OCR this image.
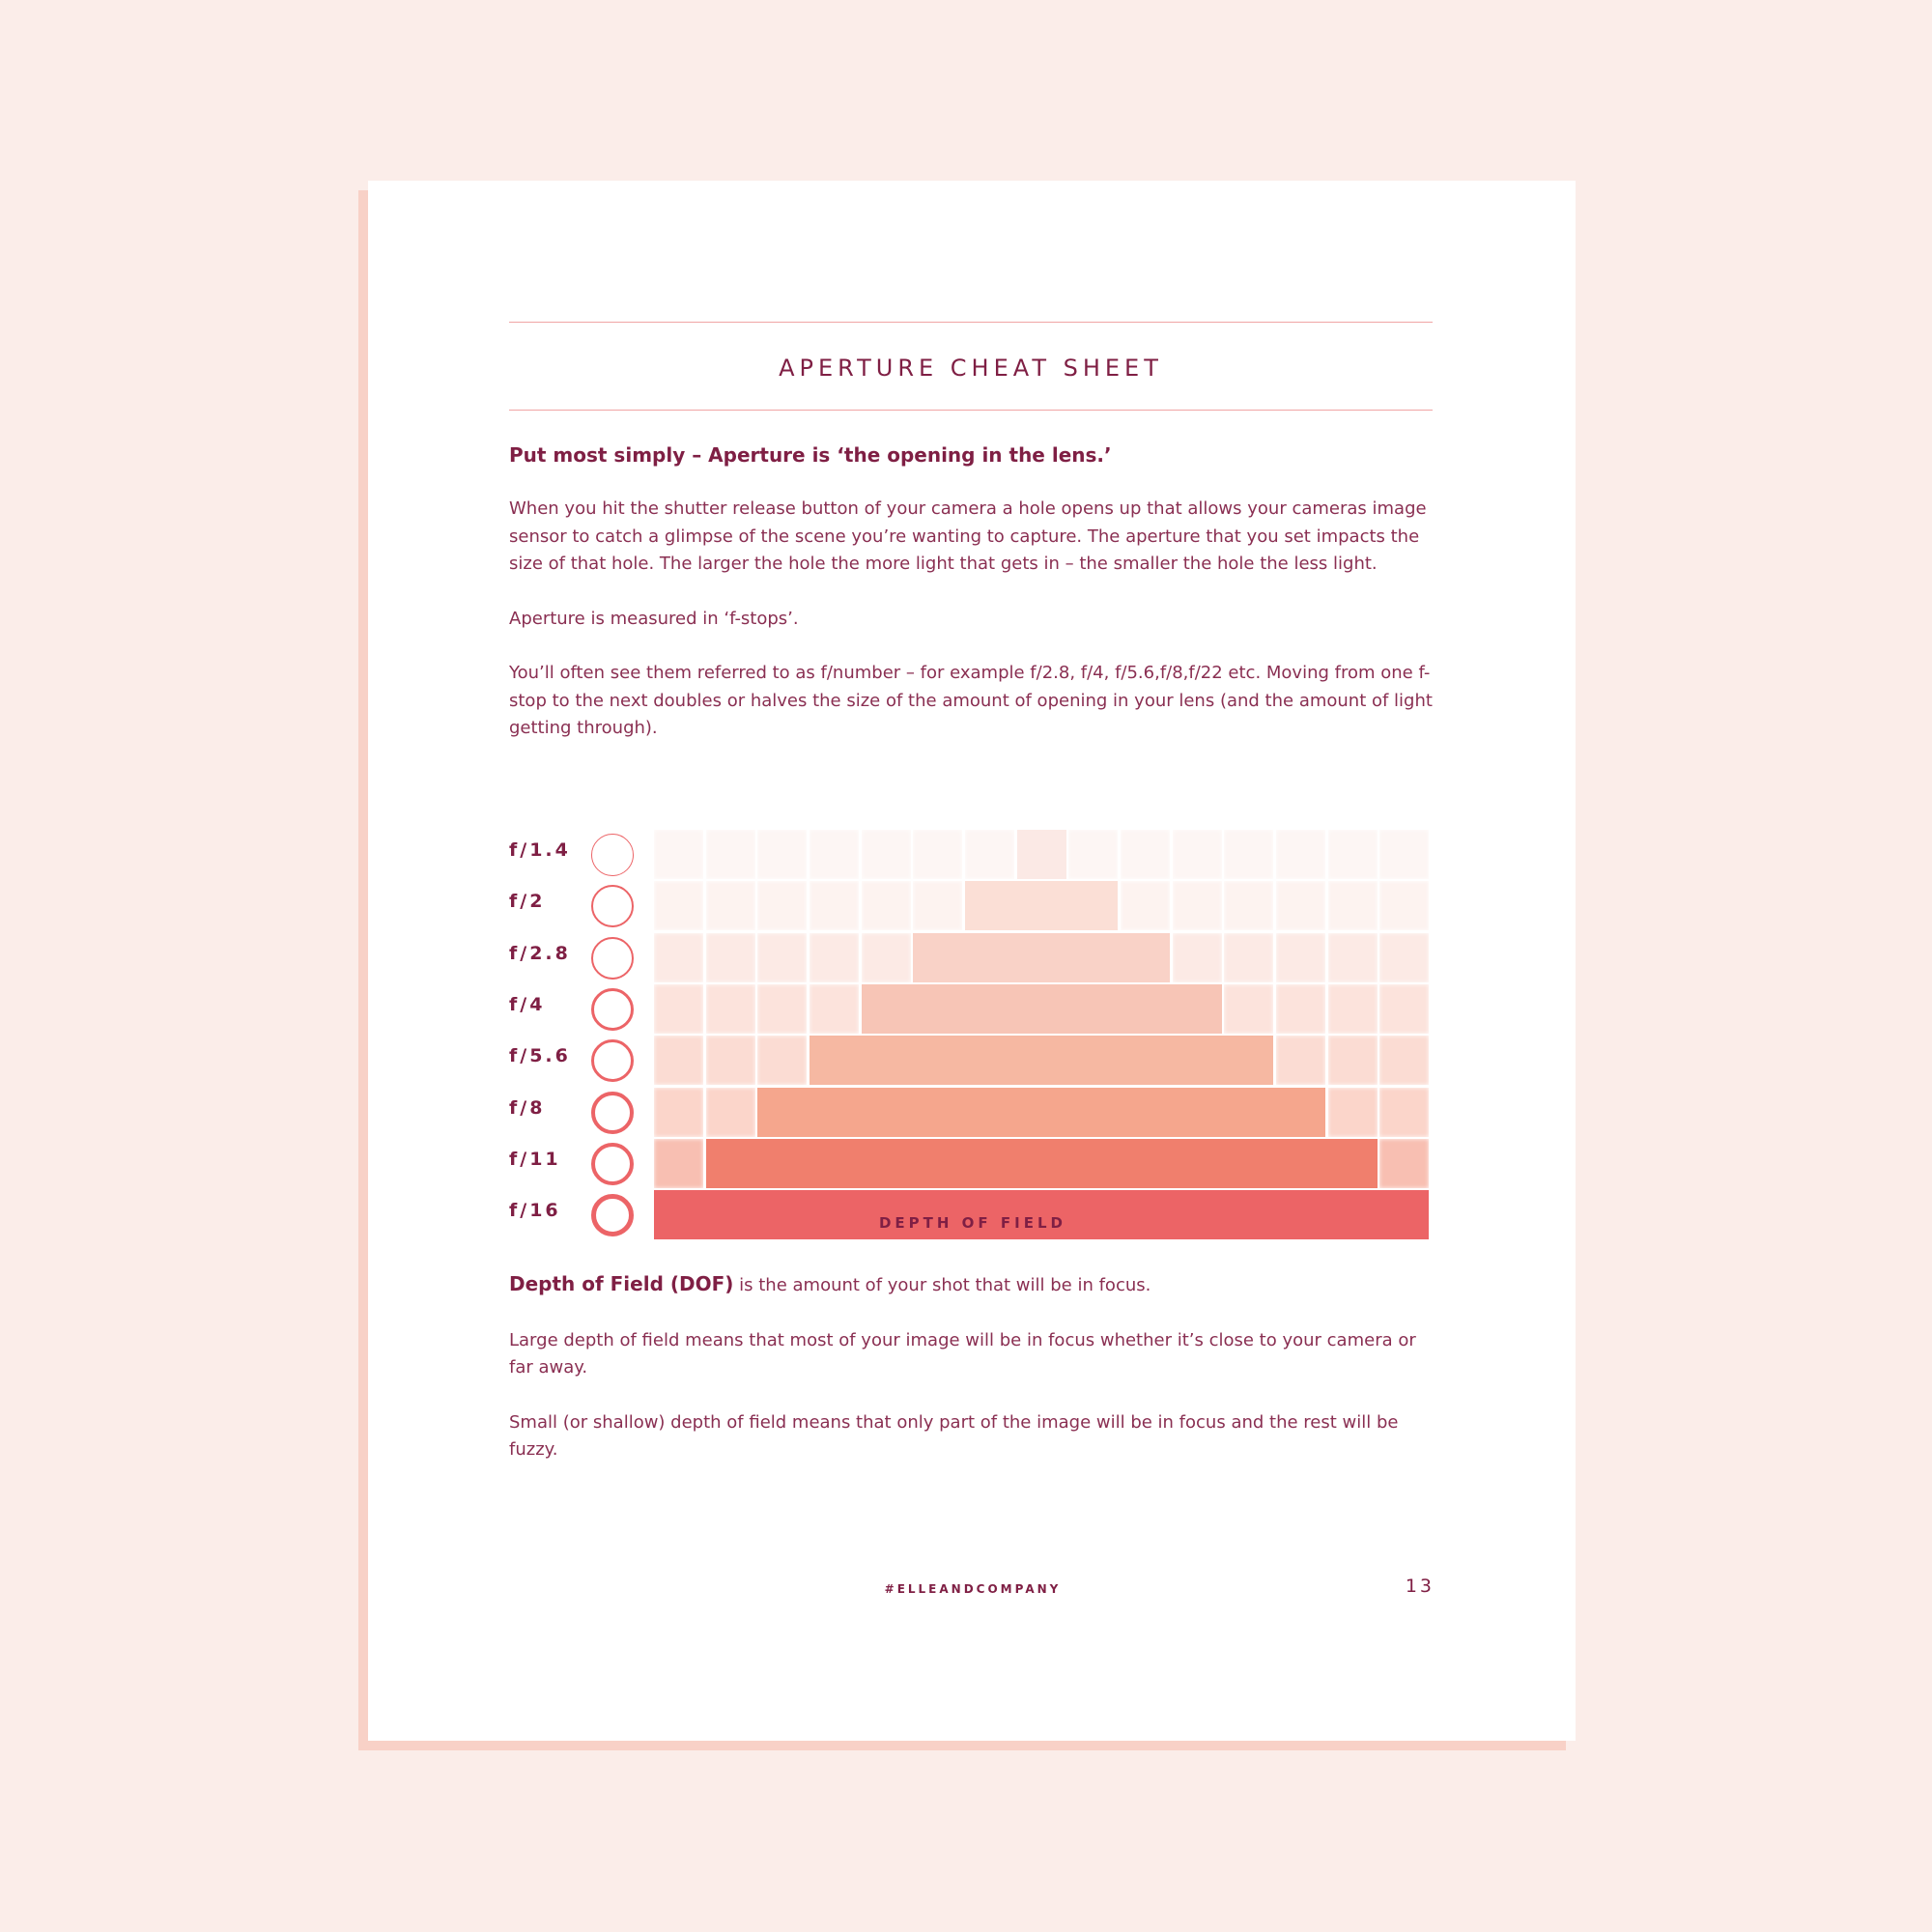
APERTURE CHEAT SHEET

Put most simply – Aperture is ‘the opening in the lens.’

When you hit the shutter release button of your camera a hole opens up that allows your cameras image sensor to catch a glimpse of the scene you’re wanting to capture. The aperture that you set impacts the size of that hole. The larger the hole the more light that gets in – the smaller the hole the less light.

Aperture is measured in ‘f-stops’.

You’ll often see them referred to as f/number – for example f/2.8, f/4, f/5.6,f/8,f/22 etc. Moving from one f-stop to the next doubles or halves the size of the amount of opening in your lens (and the amount of light getting through).

f/1.4
f/2
f/2.8
f/4
f/5.6
f/8
f/11
f/16
DEPTH OF FIELD

Depth of Field (DOF) is the amount of your shot that will be in focus.

Large depth of field means that most of your image will be in focus whether it’s close to your camera or far away.

Small (or shallow) depth of field means that only part of the image will be in focus and the rest will be fuzzy.

#ELLEANDCOMPANY	13
